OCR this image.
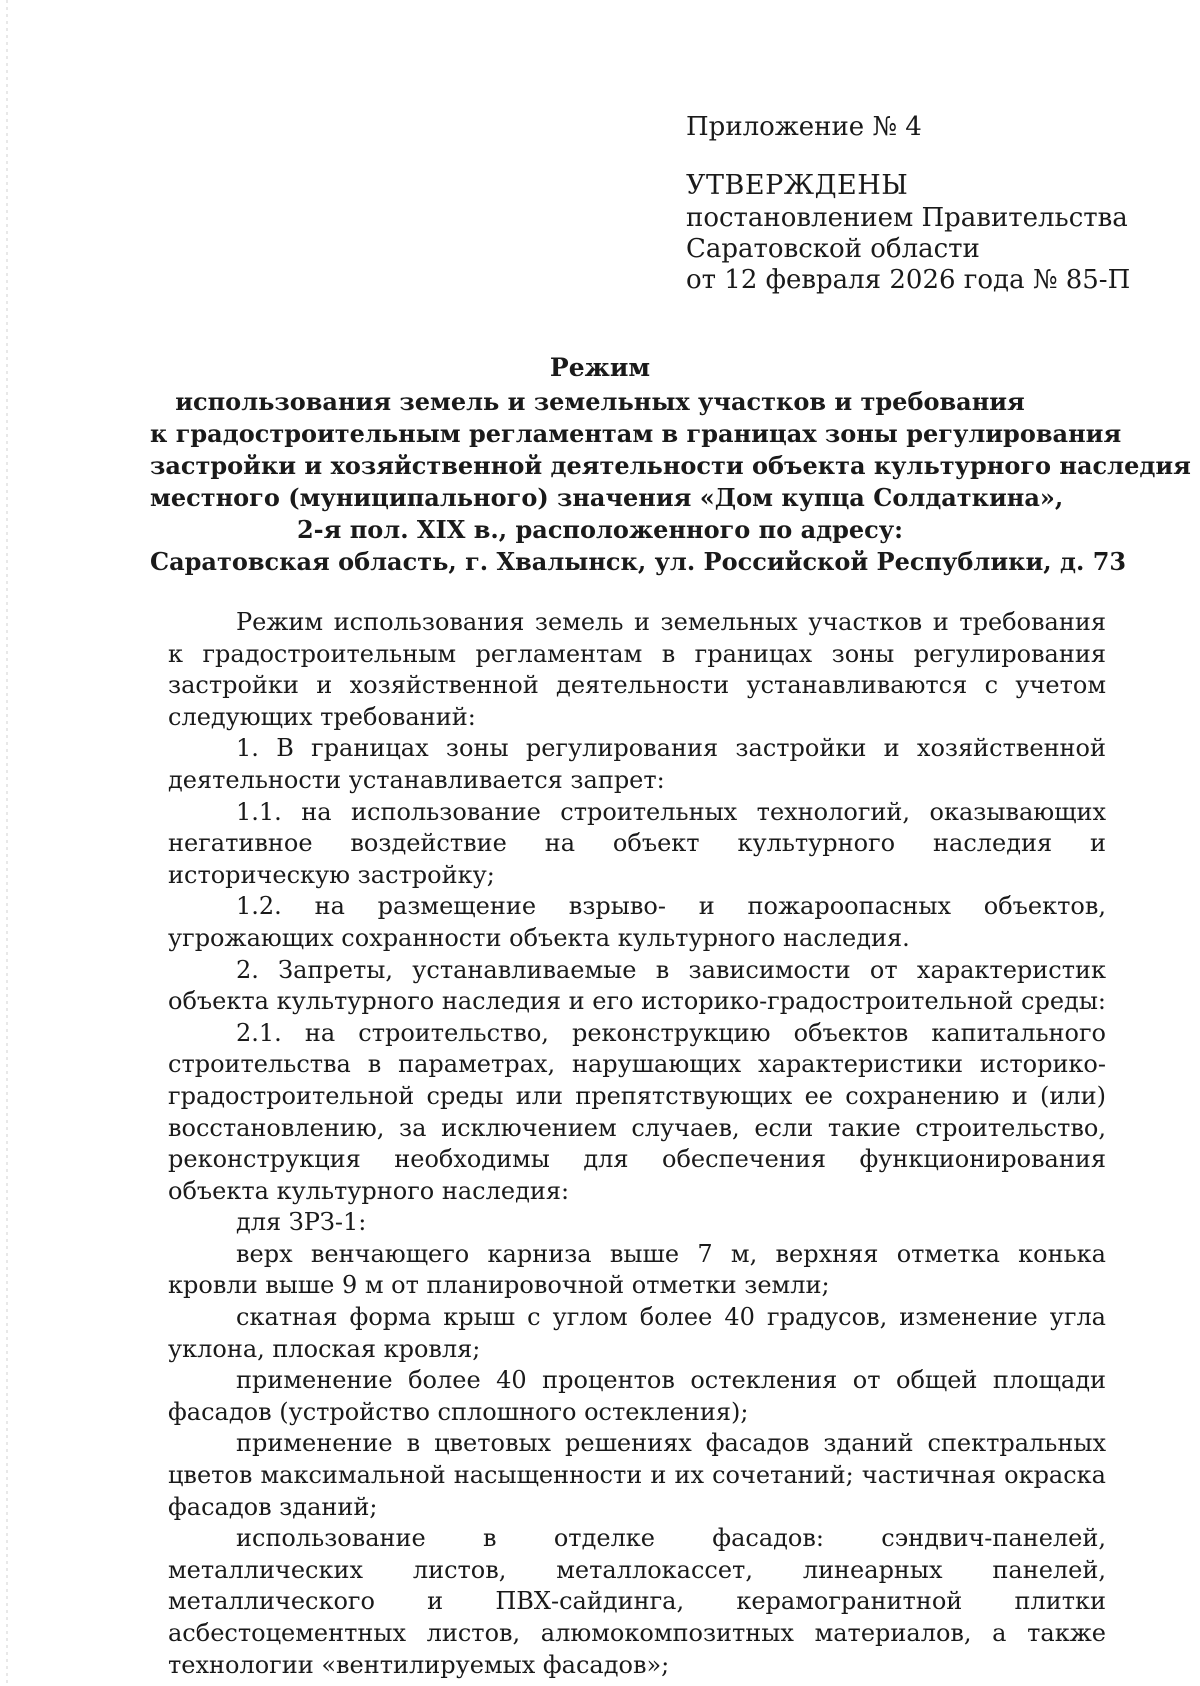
Приложение № 4

УТВЕРЖДЕНЫ

постановлением Правительства

Саратовской области

от 12 февраля 2026 года № 85-П

Режим
использования земель и земельных участков и требования
к градостроительным регламентам в границах зоны регулирования
застройки и хозяйственной деятельности объекта культурного наследия
местного (муниципального) значения «Дом купца Солдаткина»,
2-я пол. XIX в., расположенного по адресу:
Саратовская область, г. Хвалынск, ул. Российской Республики, д. 73

Режим использования земель и земельных участков и требования к градостроительным регламентам в границах зоны регулирования застройки и хозяйственной деятельности устанавливаются с учетом следующих требований:

1. В границах зоны регулирования застройки и хозяйственной деятельности устанавливается запрет:

1.1. на использование строительных технологий, оказывающих негативное воздействие на объект культурного наследия и историческую застройку;

1.2. на размещение взрыво- и пожароопасных объектов, угрожающих сохранности объекта культурного наследия.

2. Запреты, устанавливаемые в зависимости от характеристик объекта культурного наследия и его историко-градостроительной среды:

2.1. на строительство, реконструкцию объектов капитального строительства в параметрах, нарушающих характеристики историко-градостроительной среды или препятствующих ее сохранению и (или) восстановлению, за исключением случаев, если такие строительство, реконструкция необходимы для обеспечения функционирования объекта культурного наследия:

для ЗРЗ-1:

верх венчающего карниза выше 7 м, верхняя отметка конька кровли выше 9 м от планировочной отметки земли;

скатная форма крыш с углом более 40 градусов, изменение угла уклона, плоская кровля;

применение более 40 процентов остекления от общей площади фасадов (устройство сплошного остекления);

применение в цветовых решениях фасадов зданий спектральных цветов максимальной насыщенности и их сочетаний; частичная окраска фасадов зданий;

использование в отделке фасадов: сэндвич-панелей, металлических листов, металлокассет, линеарных панелей, металлического и ПВХ-сайдинга, керамогранитной плитки асбестоцементных листов, алюмокомпозитных материалов, а также технологии «вентилируемых фасадов»;
